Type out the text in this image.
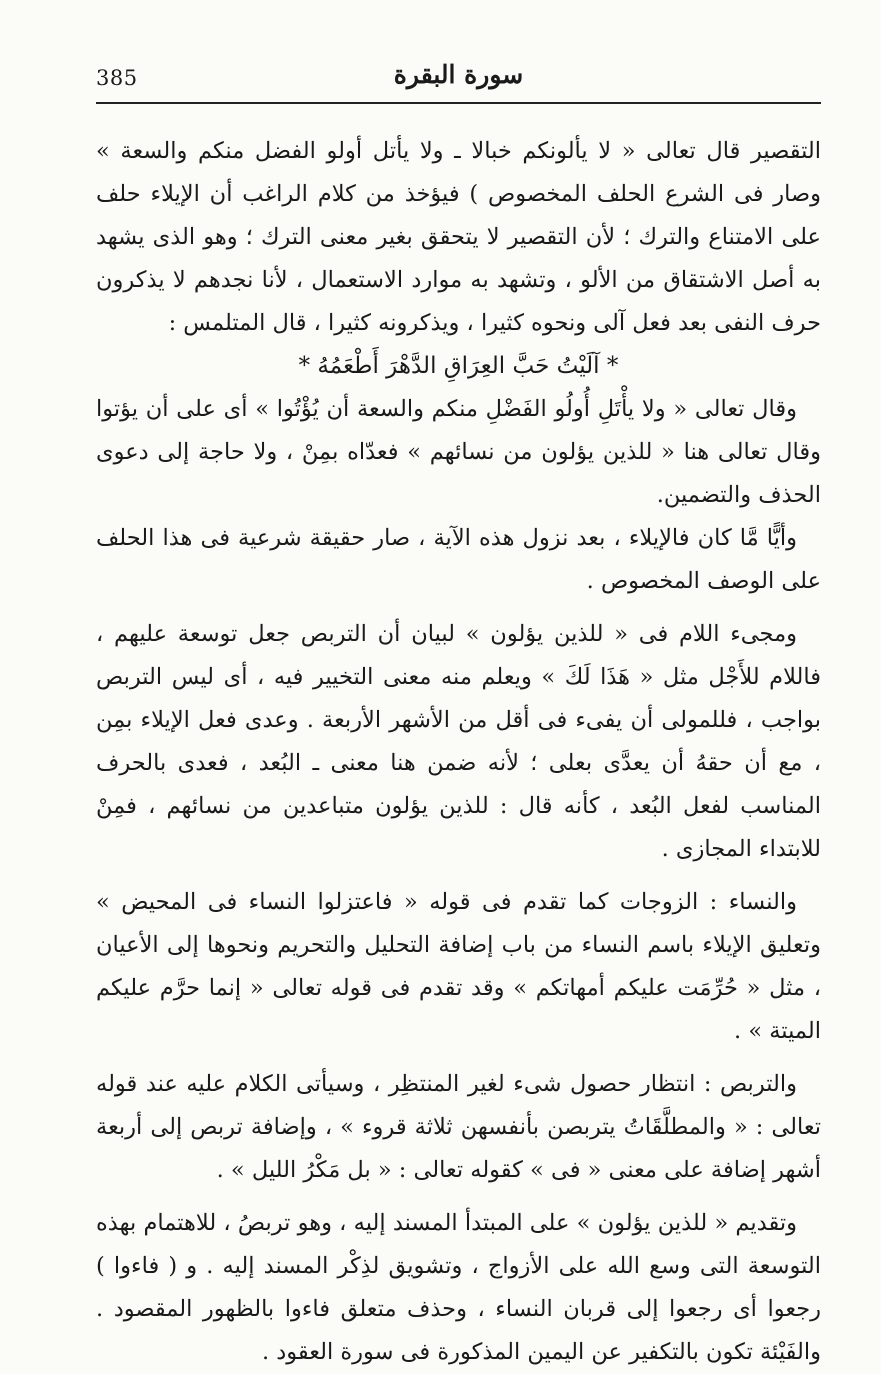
385	سورة البقرة

التقصير قال تعالى « لا يألونكم خبالا ـ ولا يأتل أولو الفضل منكم والسعة » وصار فى الشرع الحلف المخصوص ) فيؤخذ من كلام الراغب أن الإيلاء حلف على الامتناع والترك ؛ لأن التقصير لا يتحقق بغير معنى الترك ؛ وهو الذى يشهد به أصل الاشتقاق من الألو ، وتشهد به موارد الاستعمال ، لأنا نجدهم لا يذكرون حرف النفى بعد فعل آلى ونحوه كثيرا ، ويذكرونه كثيرا ، قال المتلمس :

* آلَيْتُ حَبَّ العِرَاقِ الدَّهْرَ أَطْعَمُهُ *

وقال تعالى « ولا يأْتَلِ أُولُو الفَضْلِ منكم والسعة أن يُؤْتُوا » أى على أن يؤتوا وقال تعالى هنا « للذين يؤلون من نسائهم » فعدّاه بمِنْ ، ولا حاجة إلى دعوى الحذف والتضمين.

وأيًّا مَّا كان فالإيلاء ، بعد نزول هذه الآية ، صار حقيقة شرعية فى هذا الحلف على الوصف المخصوص .

ومجىء اللام فى « للذين يؤلون » لبيان أن التربص جعل توسعة عليهم ، فاللام للأَجْل مثل « هَذَا لَكَ » ويعلم منه معنى التخيير فيه ، أى ليس التربص بواجب ، فللمولى أن يفىء فى أقل من الأشهر الأربعة . وعدى فعل الإيلاء بمِن ، مع أن حقهُ أن يعدَّى بعلى ؛ لأنه ضمن هنا معنى ـ البُعد ، فعدى بالحرف المناسب لفعل البُعد ، كأنه قال : للذين يؤلون متباعدين من نسائهم ، فمِنْ للابتداء المجازى .

والنساء : الزوجات كما تقدم فى قوله « فاعتزلوا النساء فى المحيض » وتعليق الإيلاء باسم النساء من باب إضافة التحليل والتحريم ونحوها إلى الأعيان ، مثل « حُرِّمَت عليكم أمهاتكم » وقد تقدم فى قوله تعالى « إنما حرَّم عليكم الميتة » .

والتربص : انتظار حصول شىء لغير المنتظِر ، وسيأتى الكلام عليه عند قوله تعالى : « والمطلَّقَاتُ يتربصن بأنفسهن ثلاثة قروء » ، وإضافة تربص إلى أربعة أشهر إضافة على معنى « فى » كقوله تعالى : « بل مَكْرُ الليل » .

وتقديم « للذين يؤلون » على المبتدأ المسند إليه ، وهو تربصُ ، للاهتمام بهذه التوسعة التى وسع الله على الأزواج ، وتشويق لذِكْر المسند إليه . و ( فاءوا ) رجعوا أى رجعوا إلى قربان النساء ، وحذف متعلق فاءوا بالظهور المقصود . والفَيْئة تكون بالتكفير عن اليمين المذكورة فى سورة العقود .
